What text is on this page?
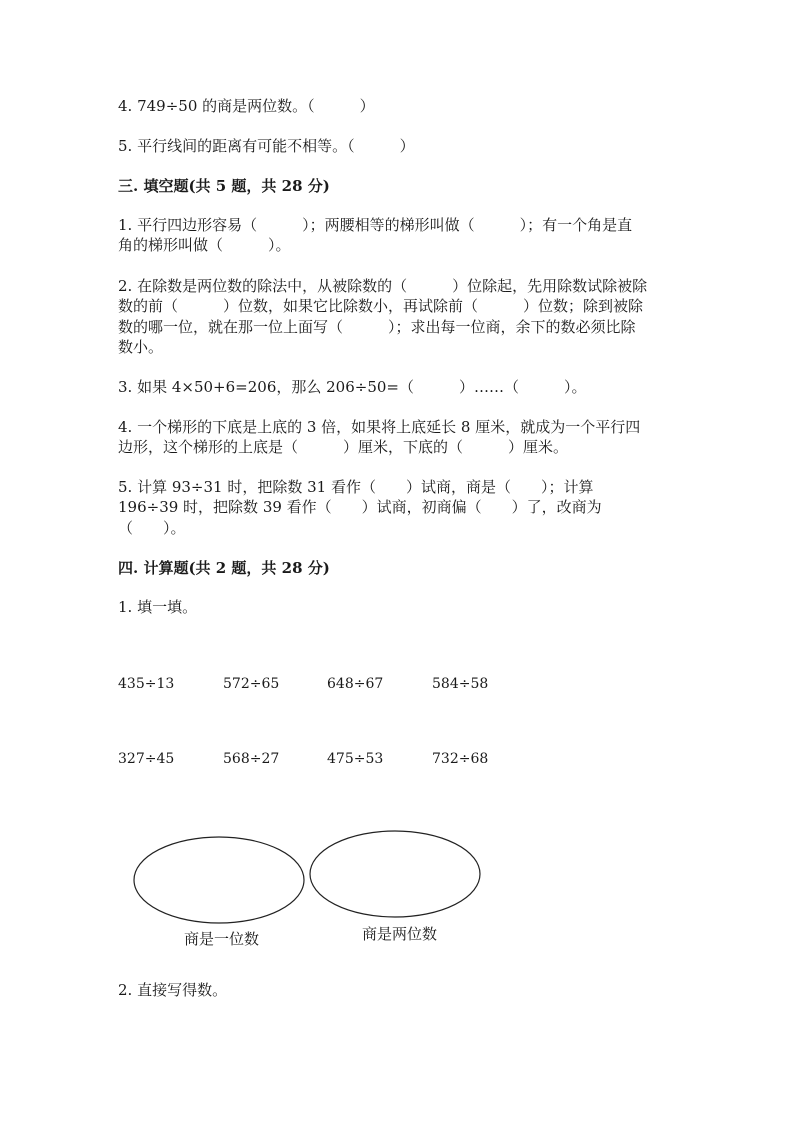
4. 749÷50 的商是两位数。（　　　）
5. 平行线间的距离有可能不相等。（　　　）
三. 填空题(共 5 题，共 28 分)
1. 平行四边形容易（　　　）；两腰相等的梯形叫做（　　　）；有一个角是直
角的梯形叫做（　　　）。
2. 在除数是两位数的除法中，从被除数的（　　　）位除起，先用除数试除被除
数的前（　　　）位数，如果它比除数小，再试除前（　　　）位数；除到被除
数的哪一位，就在那一位上面写（　　　）；求出每一位商，余下的数必须比除
数小。
3. 如果 4×50+6=206，那么 206÷50=（　　　）……（　　　）。
4. 一个梯形的下底是上底的 3 倍，如果将上底延长 8 厘米，就成为一个平行四
边形，这个梯形的上底是（　　　）厘米，下底的（　　　）厘米。
5. 计算 93÷31 时，把除数 31 看作（　　）试商，商是（　　）；计算
196÷39 时，把除数 39 看作（　　）试商，初商偏（　　）了，改商为
（　　）。
四. 计算题(共 2 题，共 28 分)
1. 填一填。
435÷13	572÷65	648÷67	584÷58
327÷45	568÷27	475÷53	732÷68
商是一位数	商是两位数
2. 直接写得数。
